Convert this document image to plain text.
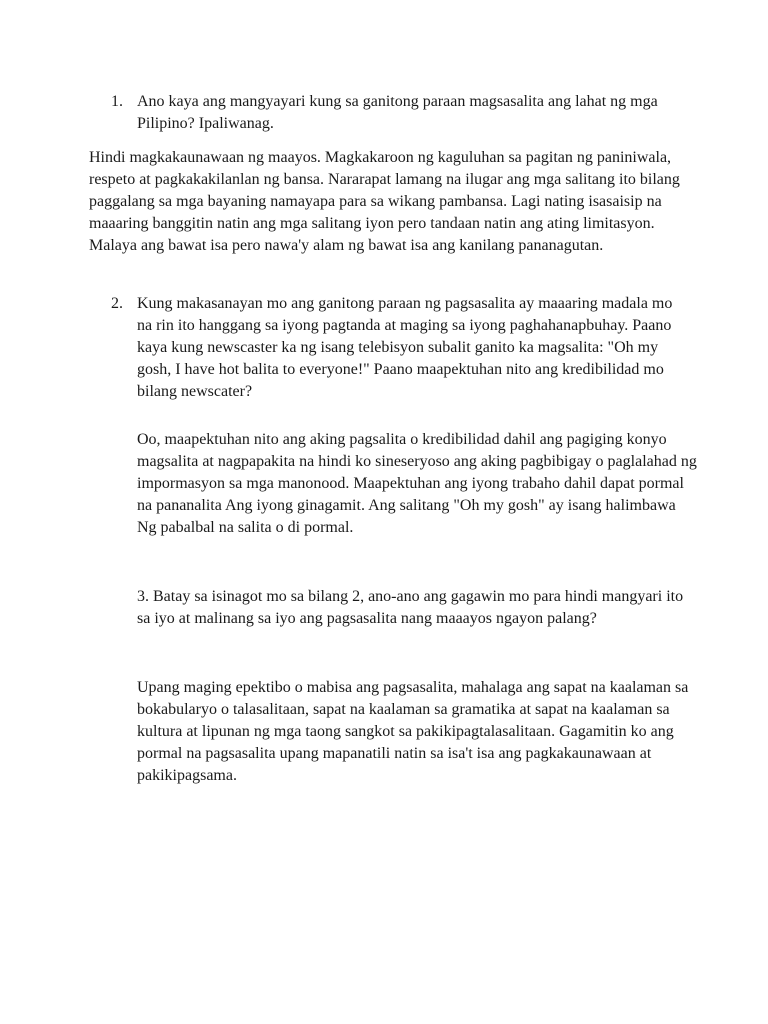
1. Ano kaya ang mangyayari kung sa ganitong paraan magsasalita ang lahat ng mga Pilipino? Ipaliwanag.
Hindi magkakaunawaan ng maayos. Magkakaroon ng kaguluhan sa pagitan ng paniniwala, respeto at pagkakakilanlan ng bansa. Nararapat lamang na ilugar ang mga salitang ito bilang paggalang sa mga bayaning namayapa para sa wikang pambansa. Lagi nating isasaisip na maaaring banggitin natin ang mga salitang iyon pero tandaan natin ang ating limitasyon. Malaya ang bawat isa pero nawa'y alam ng bawat isa ang kanilang pananagutan.
2. Kung makasanayan mo ang ganitong paraan ng pagsasalita ay maaaring madala mo na rin ito hanggang sa iyong pagtanda at maging sa iyong paghahanapbuhay. Paano kaya kung newscaster ka ng isang telebisyon subalit ganito ka magsalita: "Oh my gosh, I have hot balita to everyone!" Paano maapektuhan nito ang kredibilidad mo bilang newscater?
Oo, maapektuhan nito ang aking pagsalita o kredibilidad dahil ang pagiging konyo magsalita at nagpapakita na hindi ko sineseryoso ang aking pagbibigay o paglalahad ng impormasyon sa mga manonood. Maapektuhan ang iyong trabaho dahil dapat pormal na pananalita Ang iyong ginagamit. Ang salitang "Oh my gosh" ay isang halimbawa Ng pabalbal na salita o di pormal.
3. Batay sa isinagot mo sa bilang 2, ano-ano ang gagawin mo para hindi mangyari ito sa iyo at malinang sa iyo ang pagsasalita nang maaayos ngayon palang?
Upang maging epektibo o mabisa ang pagsasalita, mahalaga ang sapat na kaalaman sa bokabularyo o talasalitaan, sapat na kaalaman sa gramatika at sapat na kaalaman sa kultura at lipunan ng mga taong sangkot sa pakikipagtalasalitaan. Gagamitin ko ang pormal na pagsasalita upang mapanatili natin sa isa't isa ang pagkakaunawaan at pakikipagsama.
